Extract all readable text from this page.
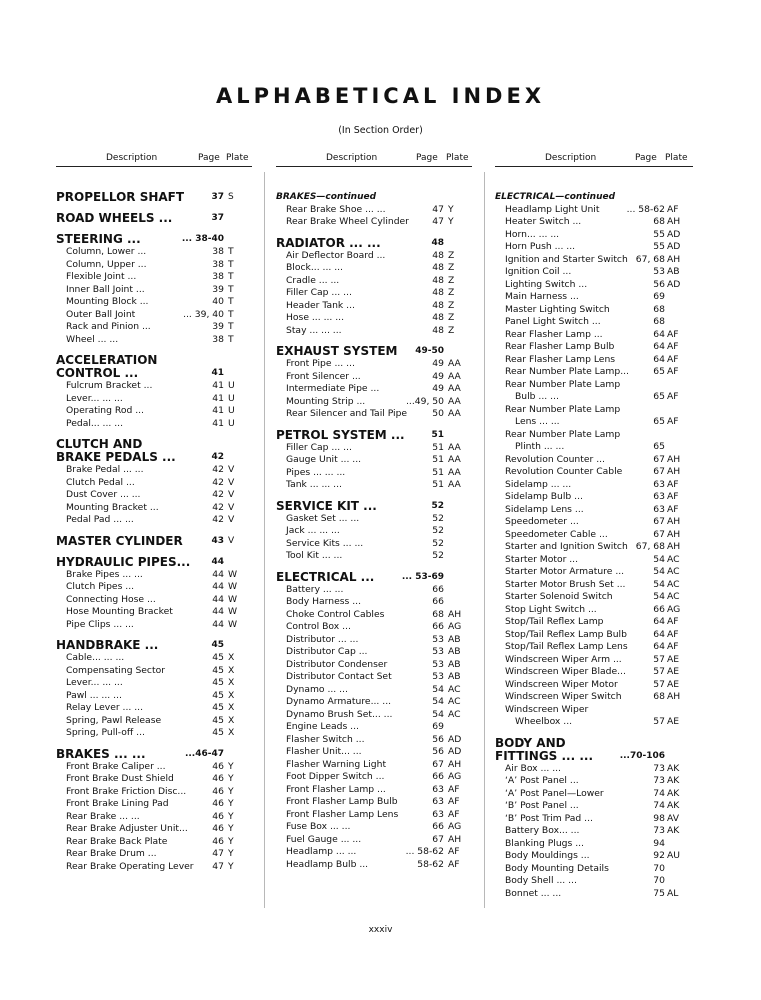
ALPHABETICAL INDEX
(In Section Order)
Description	Page Plate
PROPELLOR SHAFT	37 S
ROAD WHEELS ...	37
STEERING ...	... 38-40
Column, Lower ...	38 T
Column, Upper ...	38 T
Flexible Joint ...	38 T
Inner Ball Joint ...	39 T
Mounting Block ...	40 T
Outer Ball Joint	... 39, 40 T
Rack and Pinion ...	39 T
Wheel ... ...	38 T
ACCELERATION
CONTROL ...	41
Fulcrum Bracket ...	41 U
Lever... ... ...	41 U
Operating Rod ...	41 U
Pedal... ... ...	41 U
CLUTCH AND
BRAKE PEDALS ...	42
Brake Pedal ... ...	42 V
Clutch Pedal ...	42 V
Dust Cover ... ...	42 V
Mounting Bracket ...	42 V
Pedal Pad ... ...	42 V
MASTER CYLINDER	43 V
HYDRAULIC PIPES... 44
Brake Pipes ... ...	44 W
Clutch Pipes ...	44 W
Connecting Hose ...	44 W
Hose Mounting Bracket	44 W
Pipe Clips ... ...	44 W
HANDBRAKE ...	45
Cable... ... ...	45 X
Compensating Sector	45 X
Lever... ... ...	45 X
Pawl ... ... ...	45 X
Relay Lever ... ...	45 X
Spring, Pawl Release	45 X
Spring, Pull-off ...	45 X
BRAKES ... ...	...46-47
Front Brake Caliper ...	46 Y
Front Brake Dust Shield	46 Y
Front Brake Friction Disc...	46 Y
Front Brake Lining Pad	46 Y
Rear Brake ... ...	46 Y
Rear Brake Adjuster Unit...	46 Y
Rear Brake Back Plate	46 Y
Rear Brake Drum ...	47 Y
Rear Brake Operating Lever 47 Y
Description	Page Plate
BRAKES—continued
Rear Brake Shoe ... ...	47 Y
Rear Brake Wheel Cylinder	47 Y
RADIATOR ... ...	48
Air Deflector Board ...	48 Z
Block... ... ...	48 Z
Cradle ... ...	48 Z
Filler Cap ... ...	48 Z
Header Tank ...	48 Z
Hose ... ... ...	48 Z
Stay ... ... ...	48 Z
EXHAUST SYSTEM 49-50
Front Pipe ... ...	49 AA
Front Silencer ...	49 AA
Intermediate Pipe ...	49 AA
Mounting Strip ...	...49, 50 AA
Rear Silencer and Tail Pipe	50 AA
PETROL SYSTEM ...	51
Filler Cap ... ...	51 AA
Gauge Unit ... ...	51 AA
Pipes ... ... ...	51 AA
Tank ... ... ...	51 AA
SERVICE KIT ...	52
Gasket Set ... ...	52
Jack ... ... ...	52
Service Kits ... ...	52
Tool Kit ... ...	52
ELECTRICAL ...	... 53-69
Battery ... ...	66
Body Harness ...	66
Choke Control Cables	68 AH
Control Box ...	66 AG
Distributor ... ...	53 AB
Distributor Cap ...	53 AB
Distributor Condenser	53 AB
Distributor Contact Set	53 AB
Dynamo ... ...	54 AC
Dynamo Armature... ...	54 AC
Dynamo Brush Set... ...	54 AC
Engine Leads ...	69
Flasher Switch ...	56 AD
Flasher Unit... ...	56 AD
Flasher Warning Light	67 AH
Foot Dipper Switch ...	66 AG
Front Flasher Lamp ...	63 AF
Front Flasher Lamp Bulb	63 AF
Front Flasher Lamp Lens	63 AF
Fuse Box ... ...	66 AG
Fuel Gauge ... ...	67 AH
Headlamp ... ...	... 58-62 AF
Headlamp Bulb ...	58-62 AF
Description	Page Plate
ELECTRICAL—continued
Headlamp Light Unit	... 58-62 AF
Heater Switch ...	68 AH
Horn... ... ...	55 AD
Horn Push ... ...	55 AD
Ignition and Starter Switch 67, 68 AH
Ignition Coil ...	53 AB
Lighting Switch ...	56 AD
Main Harness ...	69
Master Lighting Switch	68
Panel Light Switch ...	68
Rear Flasher Lamp ...	64 AF
Rear Flasher Lamp Bulb	64 AF
Rear Flasher Lamp Lens	64 AF
Rear Number Plate Lamp...	65 AF
Rear Number Plate Lamp
Bulb ... ...	65 AF
Rear Number Plate Lamp
Lens ... ...	65 AF
Rear Number Plate Lamp
Plinth ... ...	65
Revolution Counter ...	67 AH
Revolution Counter Cable	67 AH
Sidelamp ... ...	63 AF
Sidelamp Bulb ...	63 AF
Sidelamp Lens ...	63 AF
Speedometer ...	67 AH
Speedometer Cable ...	67 AH
Starter and Ignition Switch 67, 68 AH
Starter Motor ...	54 AC
Starter Motor Armature ...	54 AC
Starter Motor Brush Set ...	54 AC
Starter Solenoid Switch	54 AC
Stop Light Switch ...	66 AG
Stop/Tail Reflex Lamp	64 AF
Stop/Tail Reflex Lamp Bulb	64 AF
Stop/Tail Reflex Lamp Lens	64 AF
Windscreen Wiper Arm ...	57 AE
Windscreen Wiper Blade...	57 AE
Windscreen Wiper Motor	57 AE
Windscreen Wiper Switch	68 AH
Windscreen Wiper
Wheelbox ...	57 AE
BODY AND
FITTINGS ... ...	...70-106
Air Box ... ...	73 AK
‘A’ Post Panel ...	73 AK
‘A’ Post Panel—Lower	74 AK
‘B’ Post Panel ...	74 AK
‘B’ Post Trim Pad ...	98 AV
Battery Box... ...	73 AK
Blanking Plugs ...	94
Body Mouldings ...	92 AU
Body Mounting Details	70
Body Shell ... ...	70
Bonnet ... ...	75 AL
xxxiv
